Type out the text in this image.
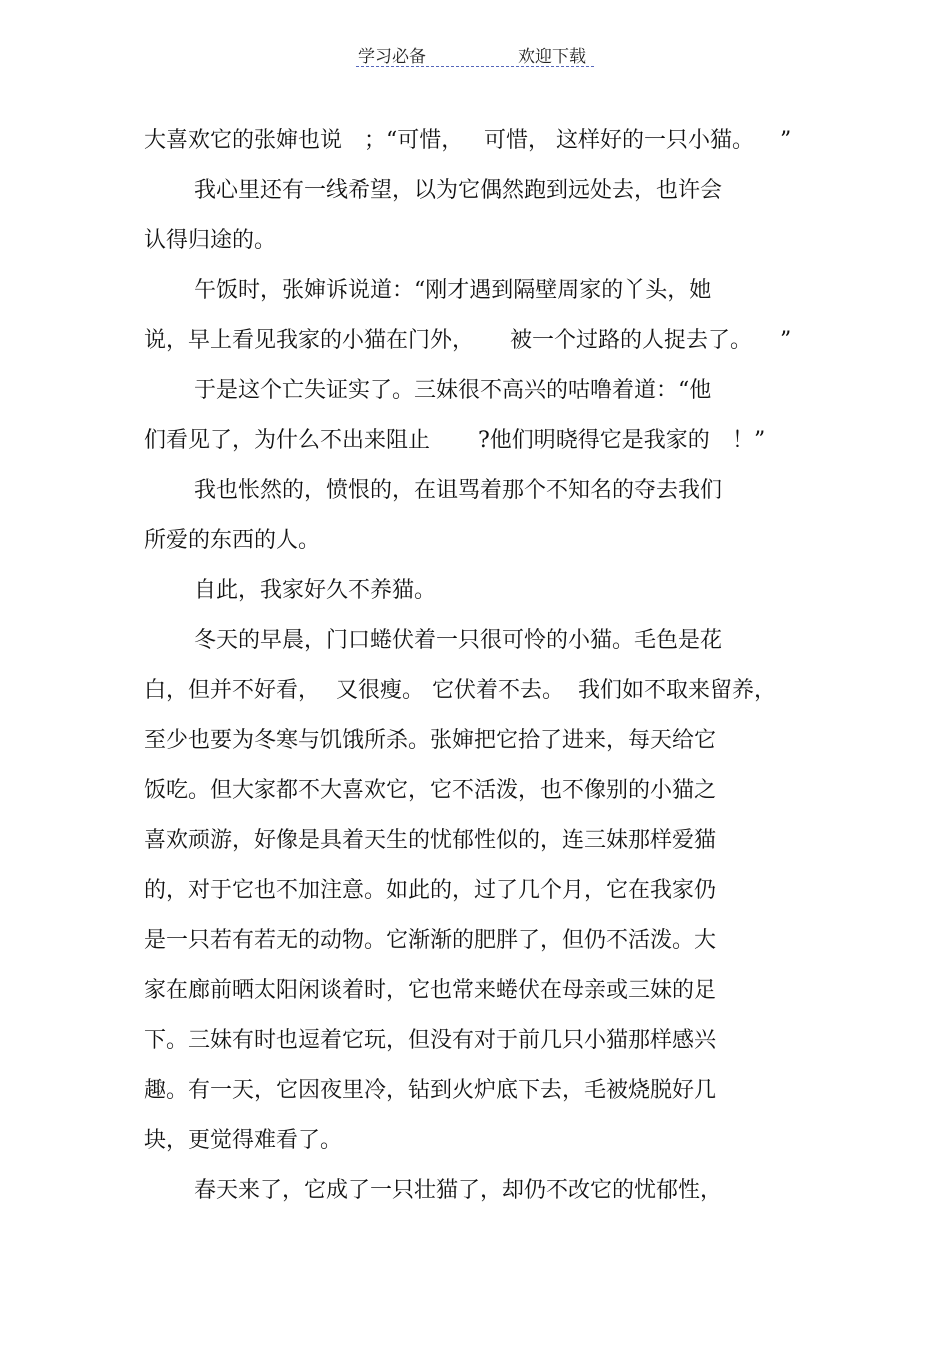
学习必备	欢迎下载

大喜欢它的张婶也说

；“可惜，

可惜，

这样好的一只小猫。

”

我心里还有一线希望，以为它偶然跑到远处去，也许会

认得归途的。

午饭时，张婶诉说道：“刚才遇到隔壁周家的丫头，她

说，早上看见我家的小猫在门外，

被一个过路的人捉去了。

”

于是这个亡失证实了。三妹很不高兴的咕噜着道：“他

们看见了，为什么不出来阻止

?他们明晓得它是我家的

！”

我也怅然的，愤恨的，在诅骂着那个不知名的夺去我们

所爱的东西的人。

自此，我家好久不养猫。

冬天的早晨，门口蜷伏着一只很可怜的小猫。毛色是花

白，但并不好看，

又很瘦。

它伏着不去。

我们如不取来留养，

至少也要为冬寒与饥饿所杀。张婶把它拾了进来，每天给它

饭吃。但大家都不大喜欢它，它不活泼，也不像别的小猫之

喜欢顽游，好像是具着天生的忧郁性似的，连三妹那样爱猫

的，对于它也不加注意。如此的，过了几个月，它在我家仍

是一只若有若无的动物。它渐渐的肥胖了，但仍不活泼。大

家在廊前晒太阳闲谈着时，它也常来蜷伏在母亲或三妹的足

下。三妹有时也逗着它玩，但没有对于前几只小猫那样感兴

趣。有一天，它因夜里冷，钻到火炉底下去，毛被烧脱好几

块，更觉得难看了。

春天来了，它成了一只壮猫了，却仍不改它的忧郁性，
